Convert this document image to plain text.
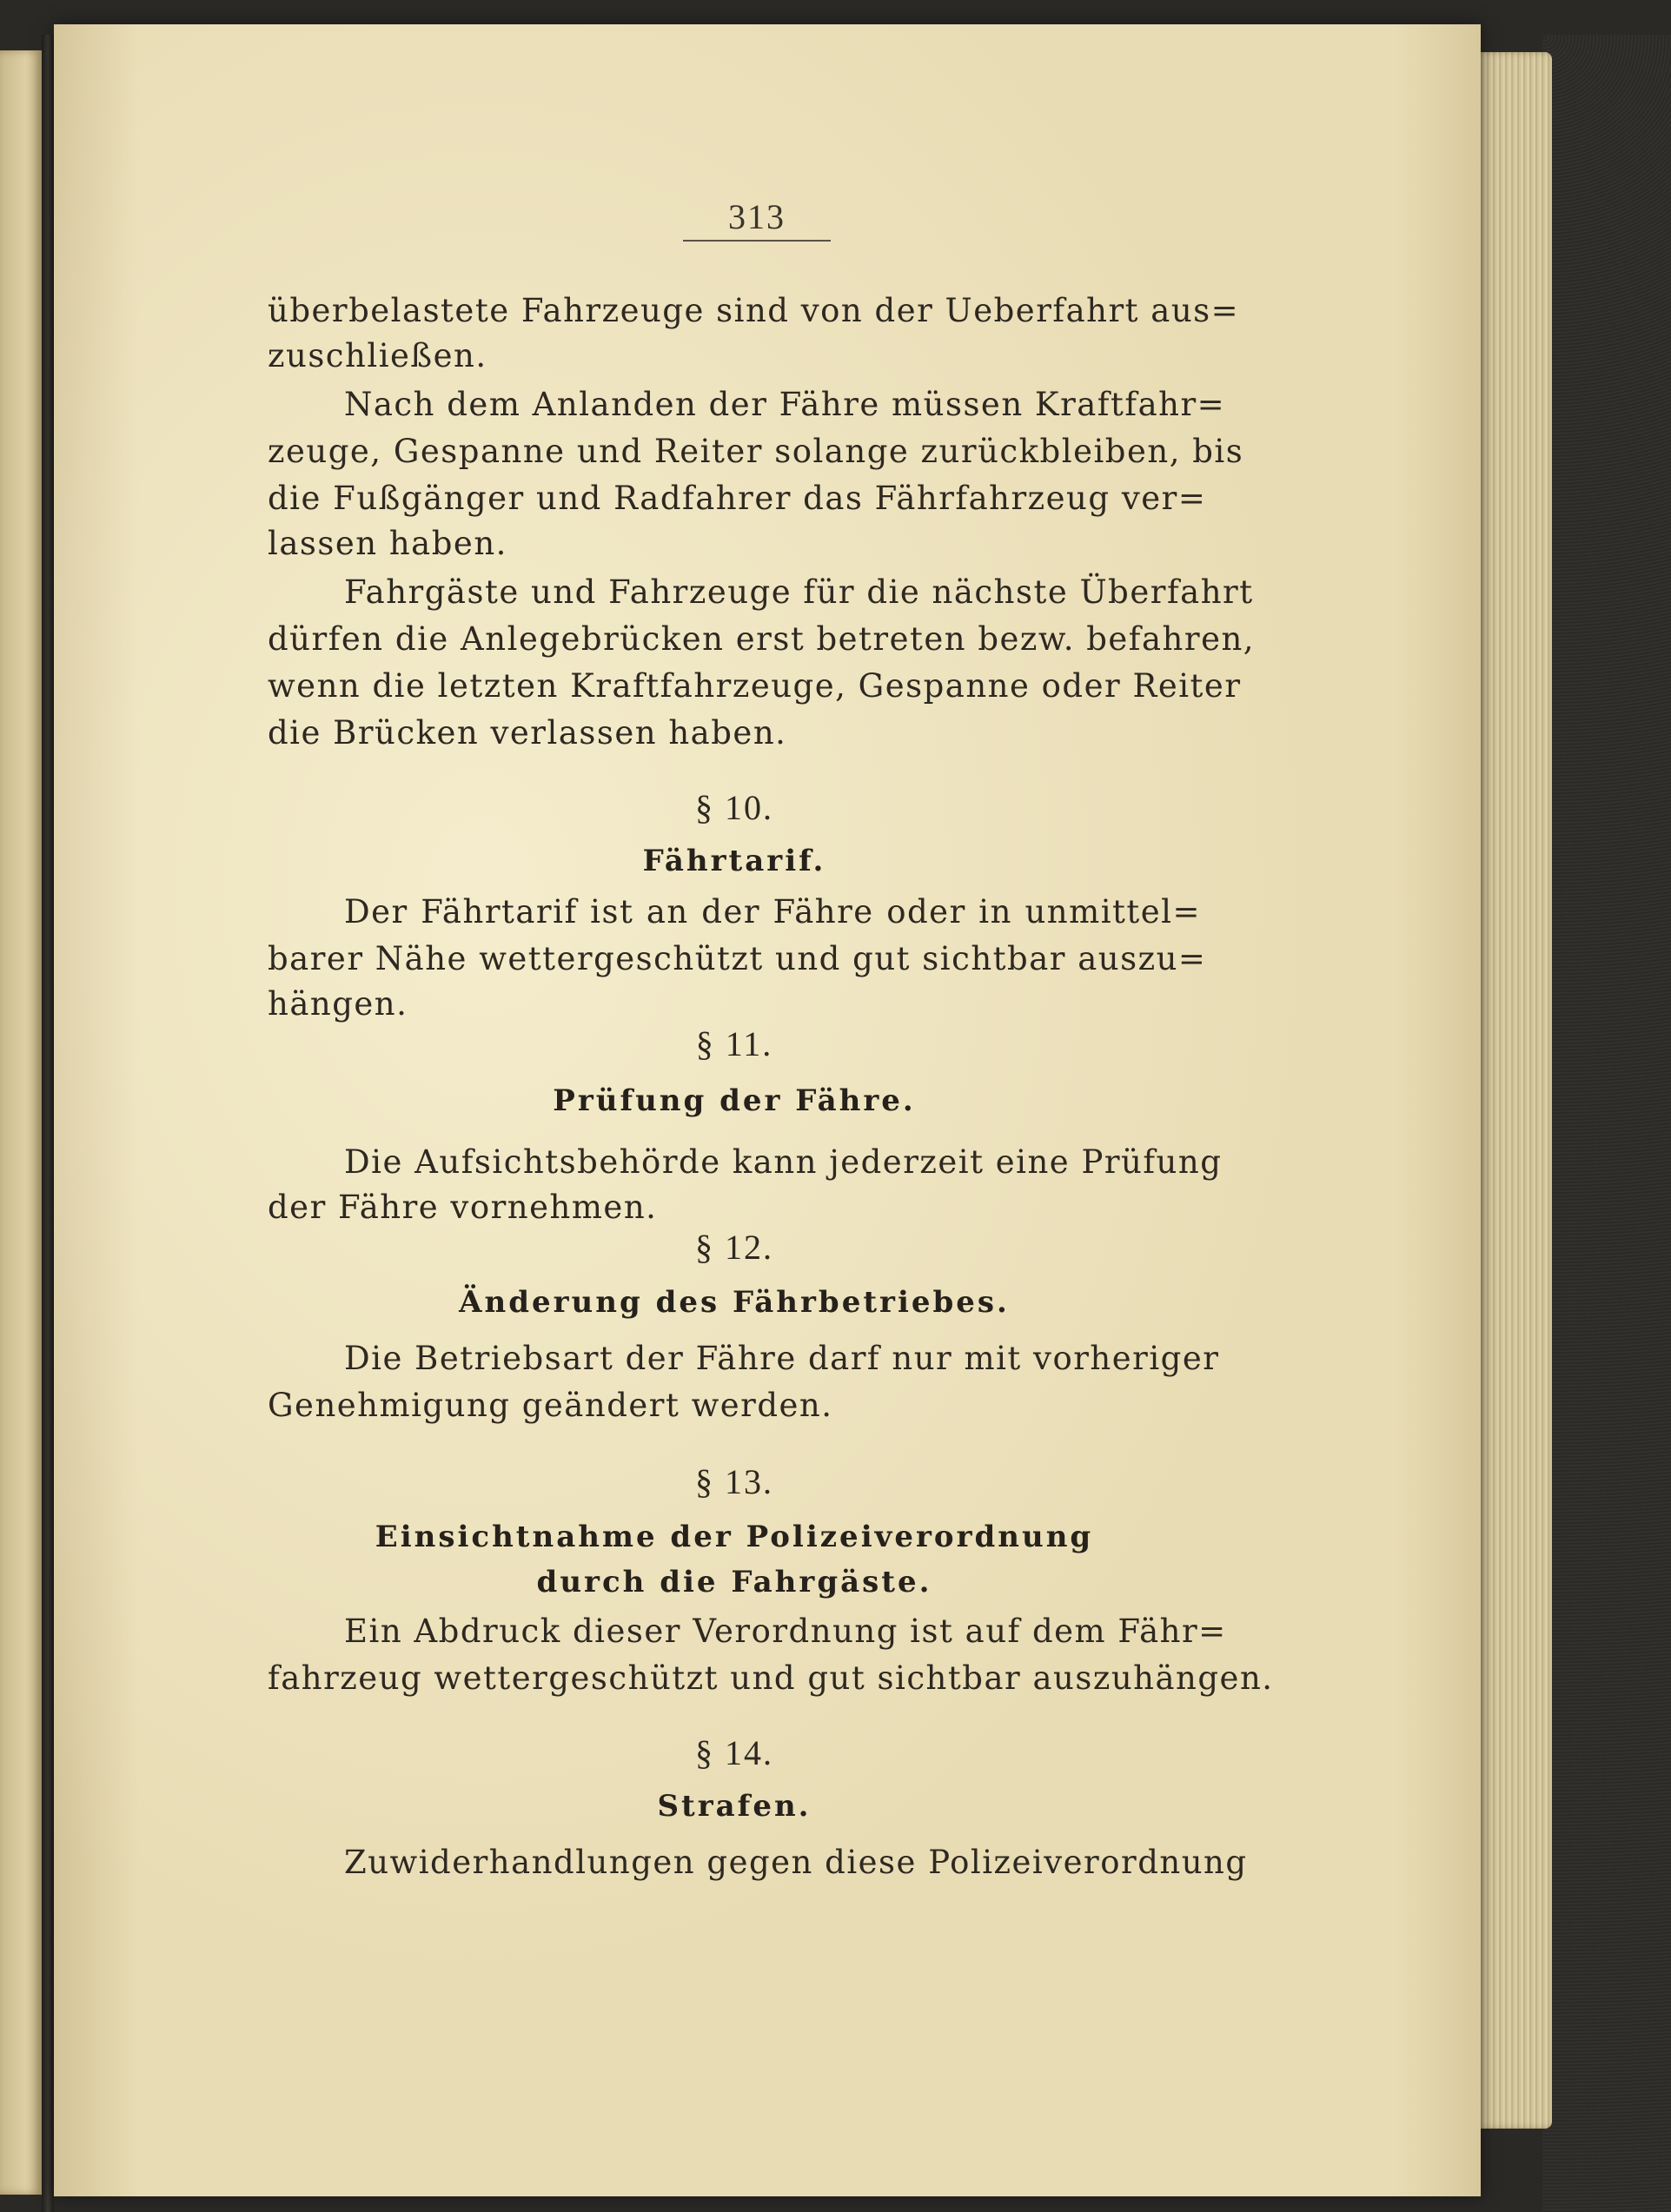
313
überbelastete Fahrzeuge sind von der Ueberfahrt aus=
zuschließen.
Nach dem Anlanden der Fähre müssen Kraftfahr=
zeuge, Gespanne und Reiter solange zurückbleiben, bis
die Fußgänger und Radfahrer das Fährfahrzeug ver=
lassen haben.
Fahrgäste und Fahrzeuge für die nächste Überfahrt
dürfen die Anlegebrücken erst betreten bezw. befahren,
wenn die letzten Kraftfahrzeuge, Gespanne oder Reiter
die Brücken verlassen haben.
§ 10.
Fährtarif.
Der Fährtarif ist an der Fähre oder in unmittel=
barer Nähe wettergeschützt und gut sichtbar auszu=
hängen.
§ 11.
Prüfung der Fähre.
Die Aufsichtsbehörde kann jederzeit eine Prüfung
der Fähre vornehmen.
§ 12.
Änderung des Fährbetriebes.
Die Betriebsart der Fähre darf nur mit vorheriger
Genehmigung geändert werden.
§ 13.
Einsichtnahme der Polizeiverordnung
durch die Fahrgäste.
Ein Abdruck dieser Verordnung ist auf dem Fähr=
fahrzeug wettergeschützt und gut sichtbar auszuhängen.
§ 14.
Strafen.
Zuwiderhandlungen gegen diese Polizeiverordnung
